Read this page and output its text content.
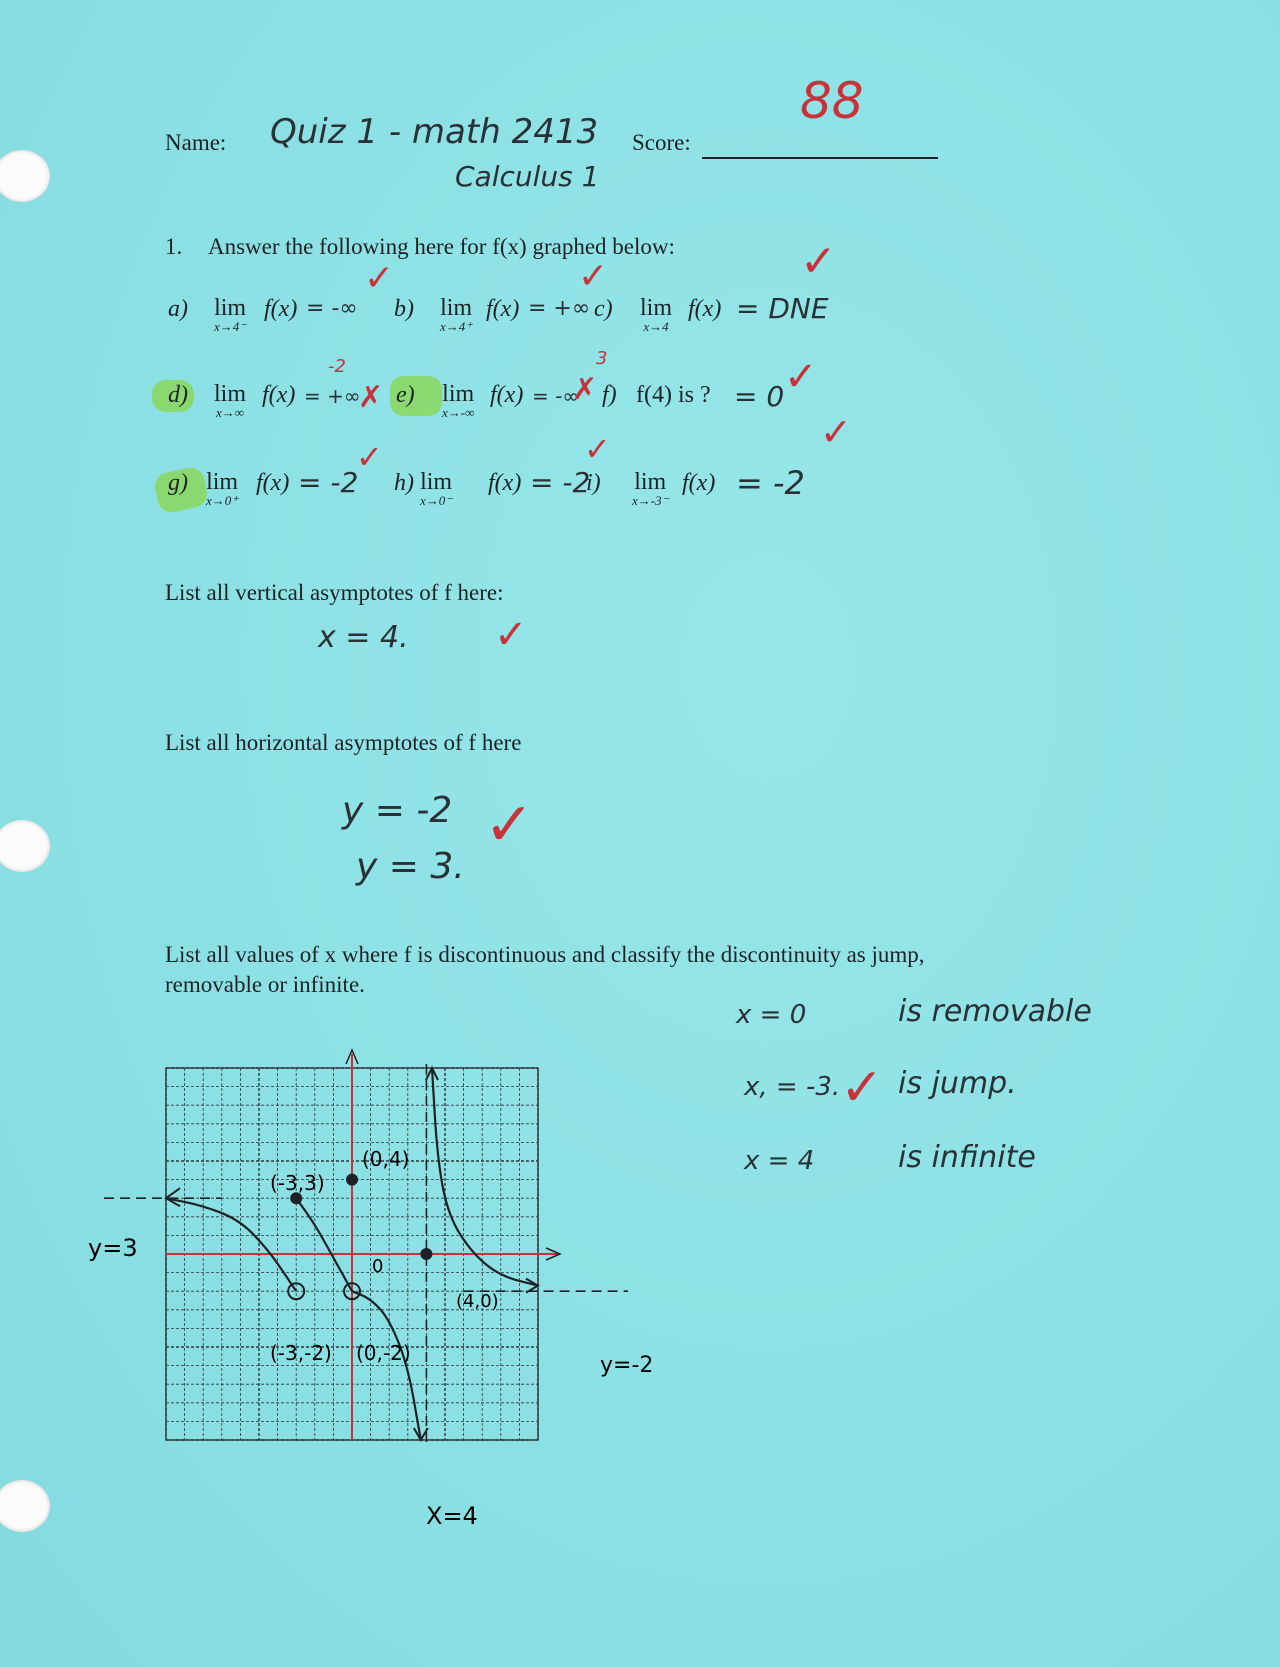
Name: Quiz 1 - math 2413
Calculus 1
Score:
88
1. Answer the following here for f(x) graphed below:
a) lim
x→4⁻
f(x) = -∞
✓
b) lim
x→4⁺
f(x) = +∞
✓
c) lim
x→4
f(x) = DNE
✓
d) lim
x→∞
f(x) = +∞
-2
✗ e) lim
x→-∞
f(x) = -∞
3
✗ f) f(4) is ? = 0 ✓
g) lim
x→0⁺
f(x) = -2
✓
h) lim
x→0⁻
f(x) = -2
✓
i) lim
x→-3⁻
f(x) = -2
✓
List all vertical asymptotes of f here:
x = 4. ✓
List all horizontal asymptotes of f here
y = -2
y = 3.
✓
List all values of x where f is discontinuous and classify the discontinuity as jump,
removable or infinite.
x = 0	is removable
x, = -3. is jump.
✓
x = 4	is infinite
(-3,3)
(0,4)
(4,0)
(-3,-2) (0,-2)
0
y=3
y=-2
X=4
